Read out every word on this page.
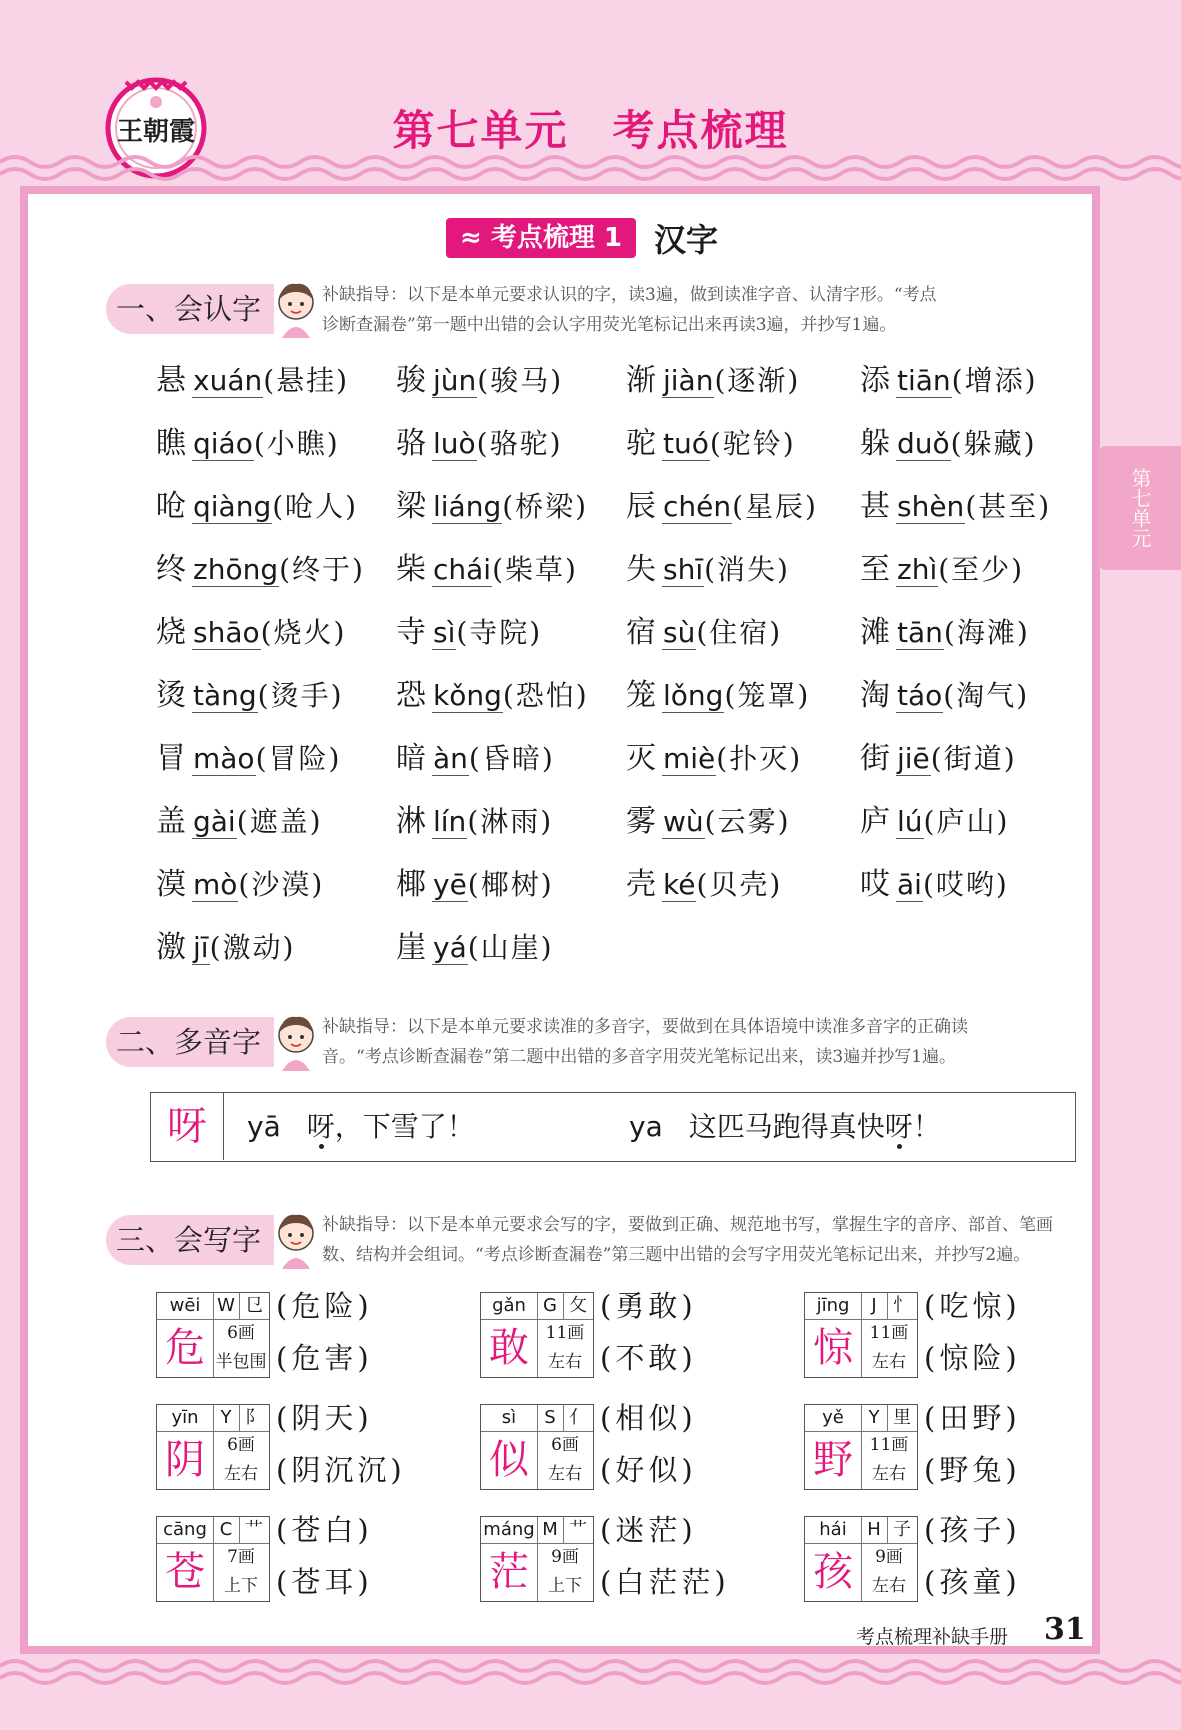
王朝霞	第七单元　考点梳理
第七单元
≈ 考点梳理 1	汉字
一、会认字	补缺指导：以下是本单元要求认识的字，读3遍，做到读准字音、认清字形。“考点
诊断查漏卷”第一题中出错的会认字用荧光笔标记出来再读3遍，并抄写1遍。
悬 xuán(悬挂) 骏 jùn(骏马) 渐 jiàn(逐渐) 添 tiān(增添)
瞧 qiáo(小瞧) 骆 luò(骆驼) 驼 tuó(驼铃) 躲 duǒ(躲藏)
呛 qiàng(呛人) 梁 liáng(桥梁) 辰 chén(星辰) 甚 shèn(甚至)
终 zhōng(终于) 柴 chái(柴草) 失 shī(消失) 至 zhì(至少)
烧 shāo(烧火) 寺 sì(寺院)	宿 sù(住宿)	滩 tān(海滩)
烫 tàng(烫手) 恐 kǒng(恐怕) 笼 lǒng(笼罩) 淘 táo(淘气)
冒 mào(冒险) 暗 àn(昏暗) 灭 miè(扑灭) 街 jiē(街道)
盖 gài(遮盖) 淋 lín(淋雨) 雾 wù(云雾) 庐 lú(庐山)
漠 mò(沙漠) 椰 yē(椰树) 壳 ké(贝壳)	哎 āi(哎哟)
激 jī(激动)	崖 yá(山崖)
二、多音字	补缺指导：以下是本单元要求读准的多音字，要做到在具体语境中读准多音字的正确读
音。“考点诊断查漏卷”第二题中出错的多音字用荧光笔标记出来，读3遍并抄写1遍。
呀	yā 呀，下雪了！	ya 这匹马跑得真快呀！
三、会写字	补缺指导：以下是本单元要求会写的字，要做到正确、规范地书写，掌握生字的音序、部首、笔画
数、结构并会组词。“考点诊断查漏卷”第三题中出错的会写字用荧光笔标记出来，并抄写2遍。
wēi W 㔾
危	6画
半包围
(危险)
(危害)
gǎn G 攵
敢 11画
左右
(勇敢)
(不敢)
jīng	J 忄
惊 11画
左右
(吃惊)
(惊险)
yīn	Y 阝
阴	6画
左右
(阴天)
(阴沉沉)
sì	S 亻
似	6画
左右
(相似)
(好似)
yě	Y 里
野 11画
左右
(田野)
(野兔)
cāng C 艹
苍	7画
上下
(苍白)
(苍耳)
máng M 艹
茫	9画
上下
(迷茫)
(白茫茫)
hái	H 子
孩	9画
左右
(孩子)
(孩童)
考点梳理补缺手册 31
